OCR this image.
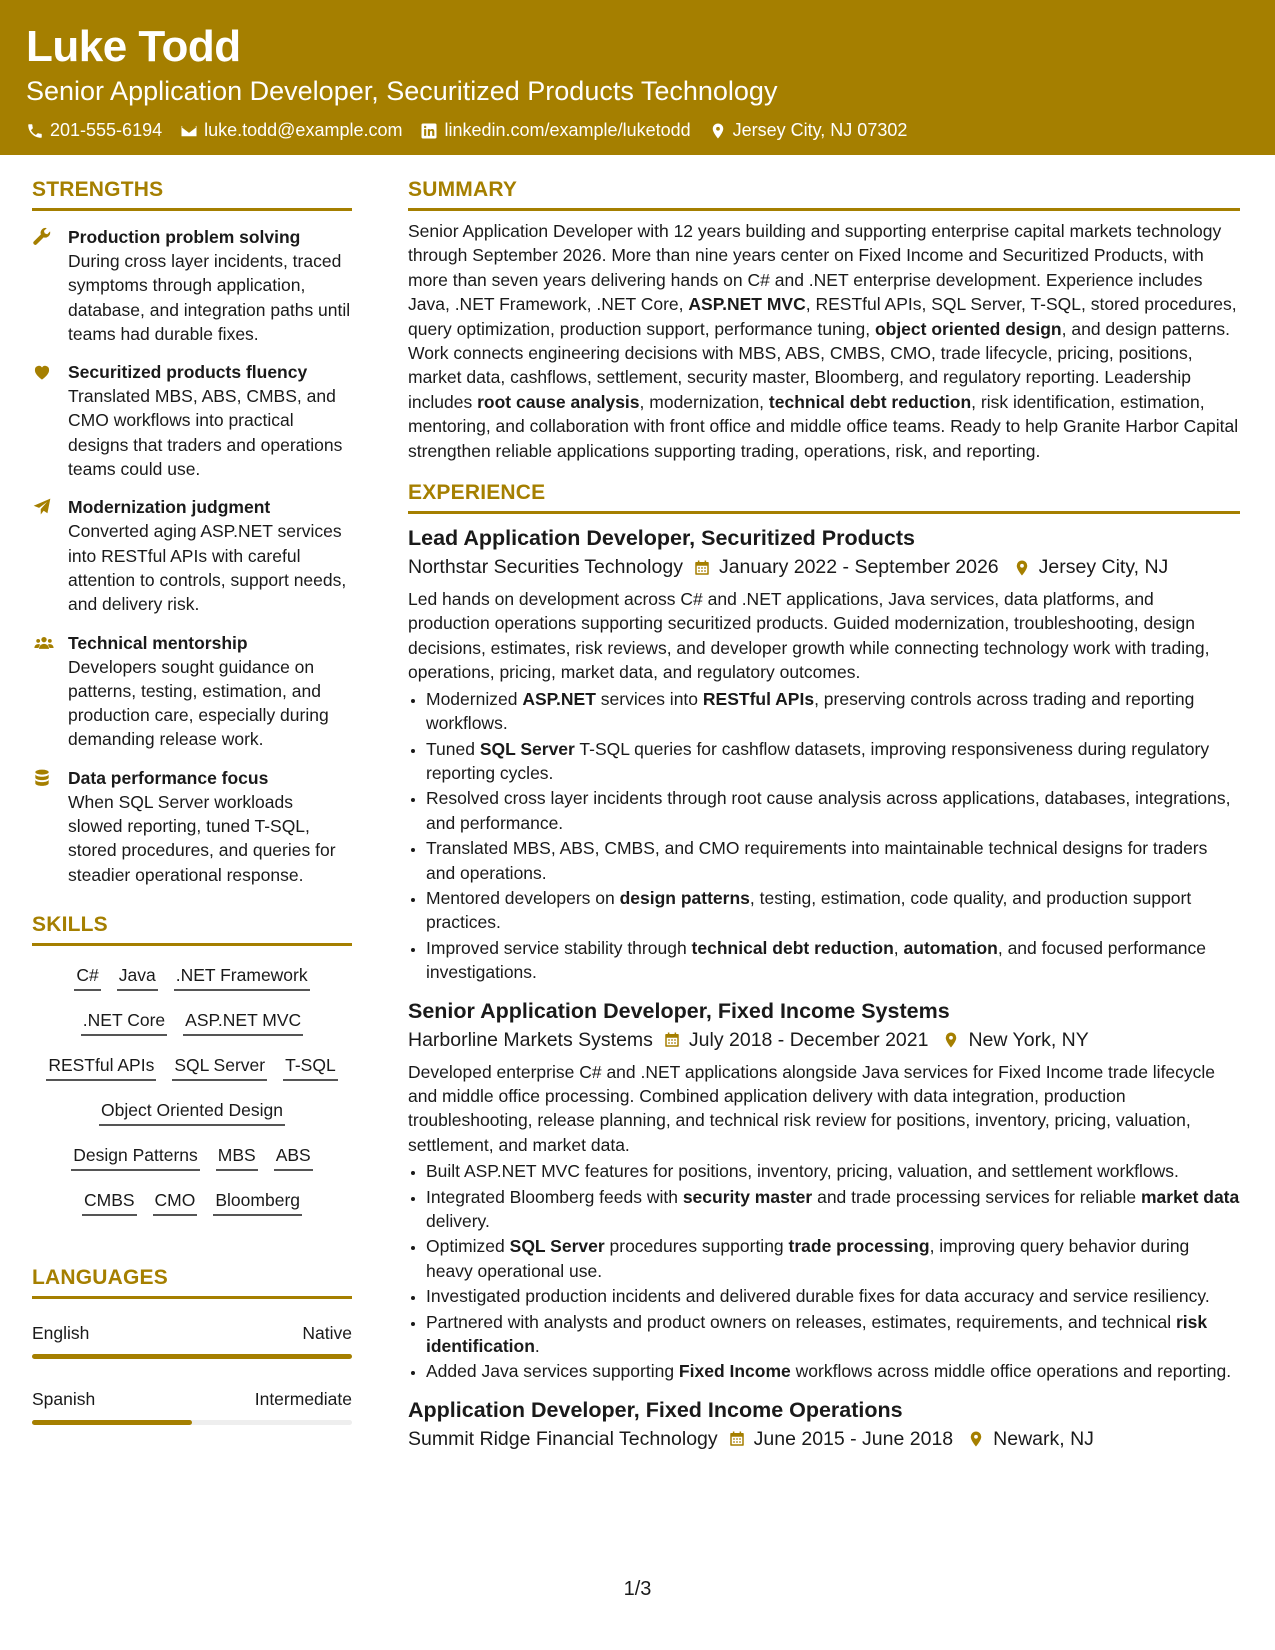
Luke Todd
Senior Application Developer, Securitized Products Technology
201-555-6194 luke.todd@example.com linkedin.com/example/luketodd Jersey City, NJ 07302
STRENGTHS
Production problem solving
During cross layer incidents, traced symptoms through application, database, and integration paths until teams had durable fixes.
Securitized products fluency
Translated MBS, ABS, CMBS, and CMO workflows into practical designs that traders and operations teams could use.
Modernization judgment
Converted aging ASP.NET services into RESTful APIs with careful attention to controls, support needs, and delivery risk.
Technical mentorship
Developers sought guidance on patterns, testing, estimation, and production care, especially during demanding release work.
Data performance focus
When SQL Server workloads slowed reporting, tuned T-SQL, stored procedures, and queries for steadier operational response.
SKILLS
C# Java .NET Framework
.NET Core ASP.NET MVC
RESTful APIs SQL Server T-SQL
Object Oriented Design
Design Patterns MBS ABS
CMBS CMO Bloomberg
LANGUAGES
English	Native
Spanish	Intermediate
SUMMARY
Senior Application Developer with 12 years building and supporting enterprise capital markets technology through September 2026. More than nine years center on Fixed Income and Securitized Products, with more than seven years delivering hands on C# and .NET enterprise development. Experience includes Java, .NET Framework, .NET Core, ASP.NET MVC, RESTful APIs, SQL Server, T-SQL, stored procedures, query optimization, production support, performance tuning, object oriented design, and design patterns. Work connects engineering decisions with MBS, ABS, CMBS, CMO, trade lifecycle, pricing, positions, market data, cashflows, settlement, security master, Bloomberg, and regulatory reporting. Leadership includes root cause analysis, modernization, technical debt reduction, risk identification, estimation, mentoring, and collaboration with front office and middle office teams. Ready to help Granite Harbor Capital strengthen reliable applications supporting trading, operations, risk, and reporting.
EXPERIENCE
Lead Application Developer, Securitized Products
Northstar Securities Technology January 2022 - September 2026 Jersey City, NJ
Led hands on development across C# and .NET applications, Java services, data platforms, and production operations supporting securitized products. Guided modernization, troubleshooting, design decisions, estimates, risk reviews, and developer growth while connecting technology work with trading, operations, pricing, market data, and regulatory outcomes.
• Modernized ASP.NET services into RESTful APIs, preserving controls across trading and reporting workflows.
• Tuned SQL Server T-SQL queries for cashflow datasets, improving responsiveness during regulatory reporting cycles.
• Resolved cross layer incidents through root cause analysis across applications, databases, integrations, and performance.
• Translated MBS, ABS, CMBS, and CMO requirements into maintainable technical designs for traders and operations.
• Mentored developers on design patterns, testing, estimation, code quality, and production support practices.
• Improved service stability through technical debt reduction, automation, and focused performance investigations.
Senior Application Developer, Fixed Income Systems
Harborline Markets Systems July 2018 - December 2021 New York, NY
Developed enterprise C# and .NET applications alongside Java services for Fixed Income trade lifecycle and middle office processing. Combined application delivery with data integration, production troubleshooting, release planning, and technical risk review for positions, inventory, pricing, valuation, settlement, and market data.
• Built ASP.NET MVC features for positions, inventory, pricing, valuation, and settlement workflows.
• Integrated Bloomberg feeds with security master and trade processing services for reliable market data delivery.
• Optimized SQL Server procedures supporting trade processing, improving query behavior during heavy operational use.
• Investigated production incidents and delivered durable fixes for data accuracy and service resiliency.
• Partnered with analysts and product owners on releases, estimates, requirements, and technical risk identification.
• Added Java services supporting Fixed Income workflows across middle office operations and reporting.
Application Developer, Fixed Income Operations
Summit Ridge Financial Technology June 2015 - June 2018 Newark, NJ
1/3
